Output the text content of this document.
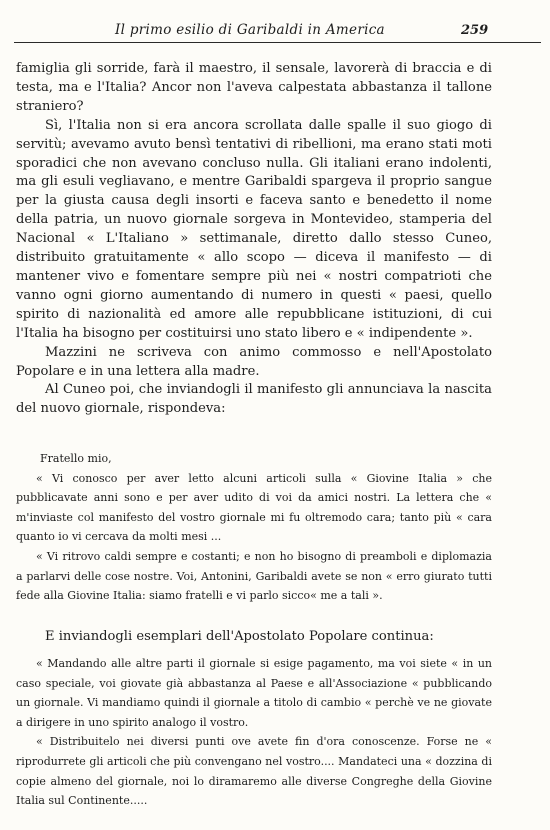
Il primo esilio di Garibaldi in America	259

famiglia gli sorride, farà il maestro, il sensale, lavorerà di braccia e di testa, ma e l'Italia? Ancor non l'aveva calpestata abbastanza il tallone straniero?

Sì, l'Italia non si era ancora scrollata dalle spalle il suo giogo di servitù; avevamo avuto bensì tentativi di ribellioni, ma erano stati moti sporadici che non avevano concluso nulla. Gli italiani erano indolenti, ma gli esuli vegliavano, e mentre Garibaldi spargeva il proprio sangue per la giusta causa degli insorti e faceva santo e benedetto il nome della patria, un nuovo giornale sorgeva in Montevideo, stamperia del Nacional « L'Italiano » settimanale, diretto dallo stesso Cuneo, distribuito gratuitamente « allo scopo — diceva il manifesto — di mantener vivo e fomentare sempre più nei « nostri compatrioti che vanno ogni giorno aumentando di numero in questi « paesi, quello spirito di nazionalità ed amore alle repubblicane istituzioni, di cui l'Italia ha bisogno per costituirsi uno stato libero e « indipendente ».

Mazzini ne scriveva con animo commosso e nell'Apostolato Popolare e in una lettera alla madre.

Al Cuneo poi, che inviandogli il manifesto gli annunciava la nascita del nuovo giornale, rispondeva:

Fratello mio,

« Vi conosco per aver letto alcuni articoli sulla « Giovine Italia » che pubblicavate anni sono e per aver udito di voi da amici nostri. La lettera che « m'inviaste col manifesto del vostro giornale mi fu oltremodo cara; tanto più « cara quanto io vi cercava da molti mesi ...

« Vi ritrovo caldi sempre e costanti; e non ho bisogno di preamboli e diplomazia a parlarvi delle cose nostre. Voi, Antonini, Garibaldi avete se non « erro giurato tutti fede alla Giovine Italia: siamo fratelli e vi parlo sicco« me a tali ».

E inviandogli esemplari dell'Apostolato Popolare continua:

« Mandando alle altre parti il giornale si esige pagamento, ma voi siete « in un caso speciale, voi giovate già abbastanza al Paese e all'Associazione « pubblicando un giornale. Vi mandiamo quindi il giornale a titolo di cambio « perchè ve ne giovate a dirigere in uno spirito analogo il vostro.

« Distribuitelo nei diversi punti ove avete fin d'ora conoscenze. Forse ne « riprodurrete gli articoli che più convengano nel vostro.... Mandateci una « dozzina di copie almeno del giornale, noi lo diramaremo alle diverse Congreghe della Giovine Italia sul Continente.....
